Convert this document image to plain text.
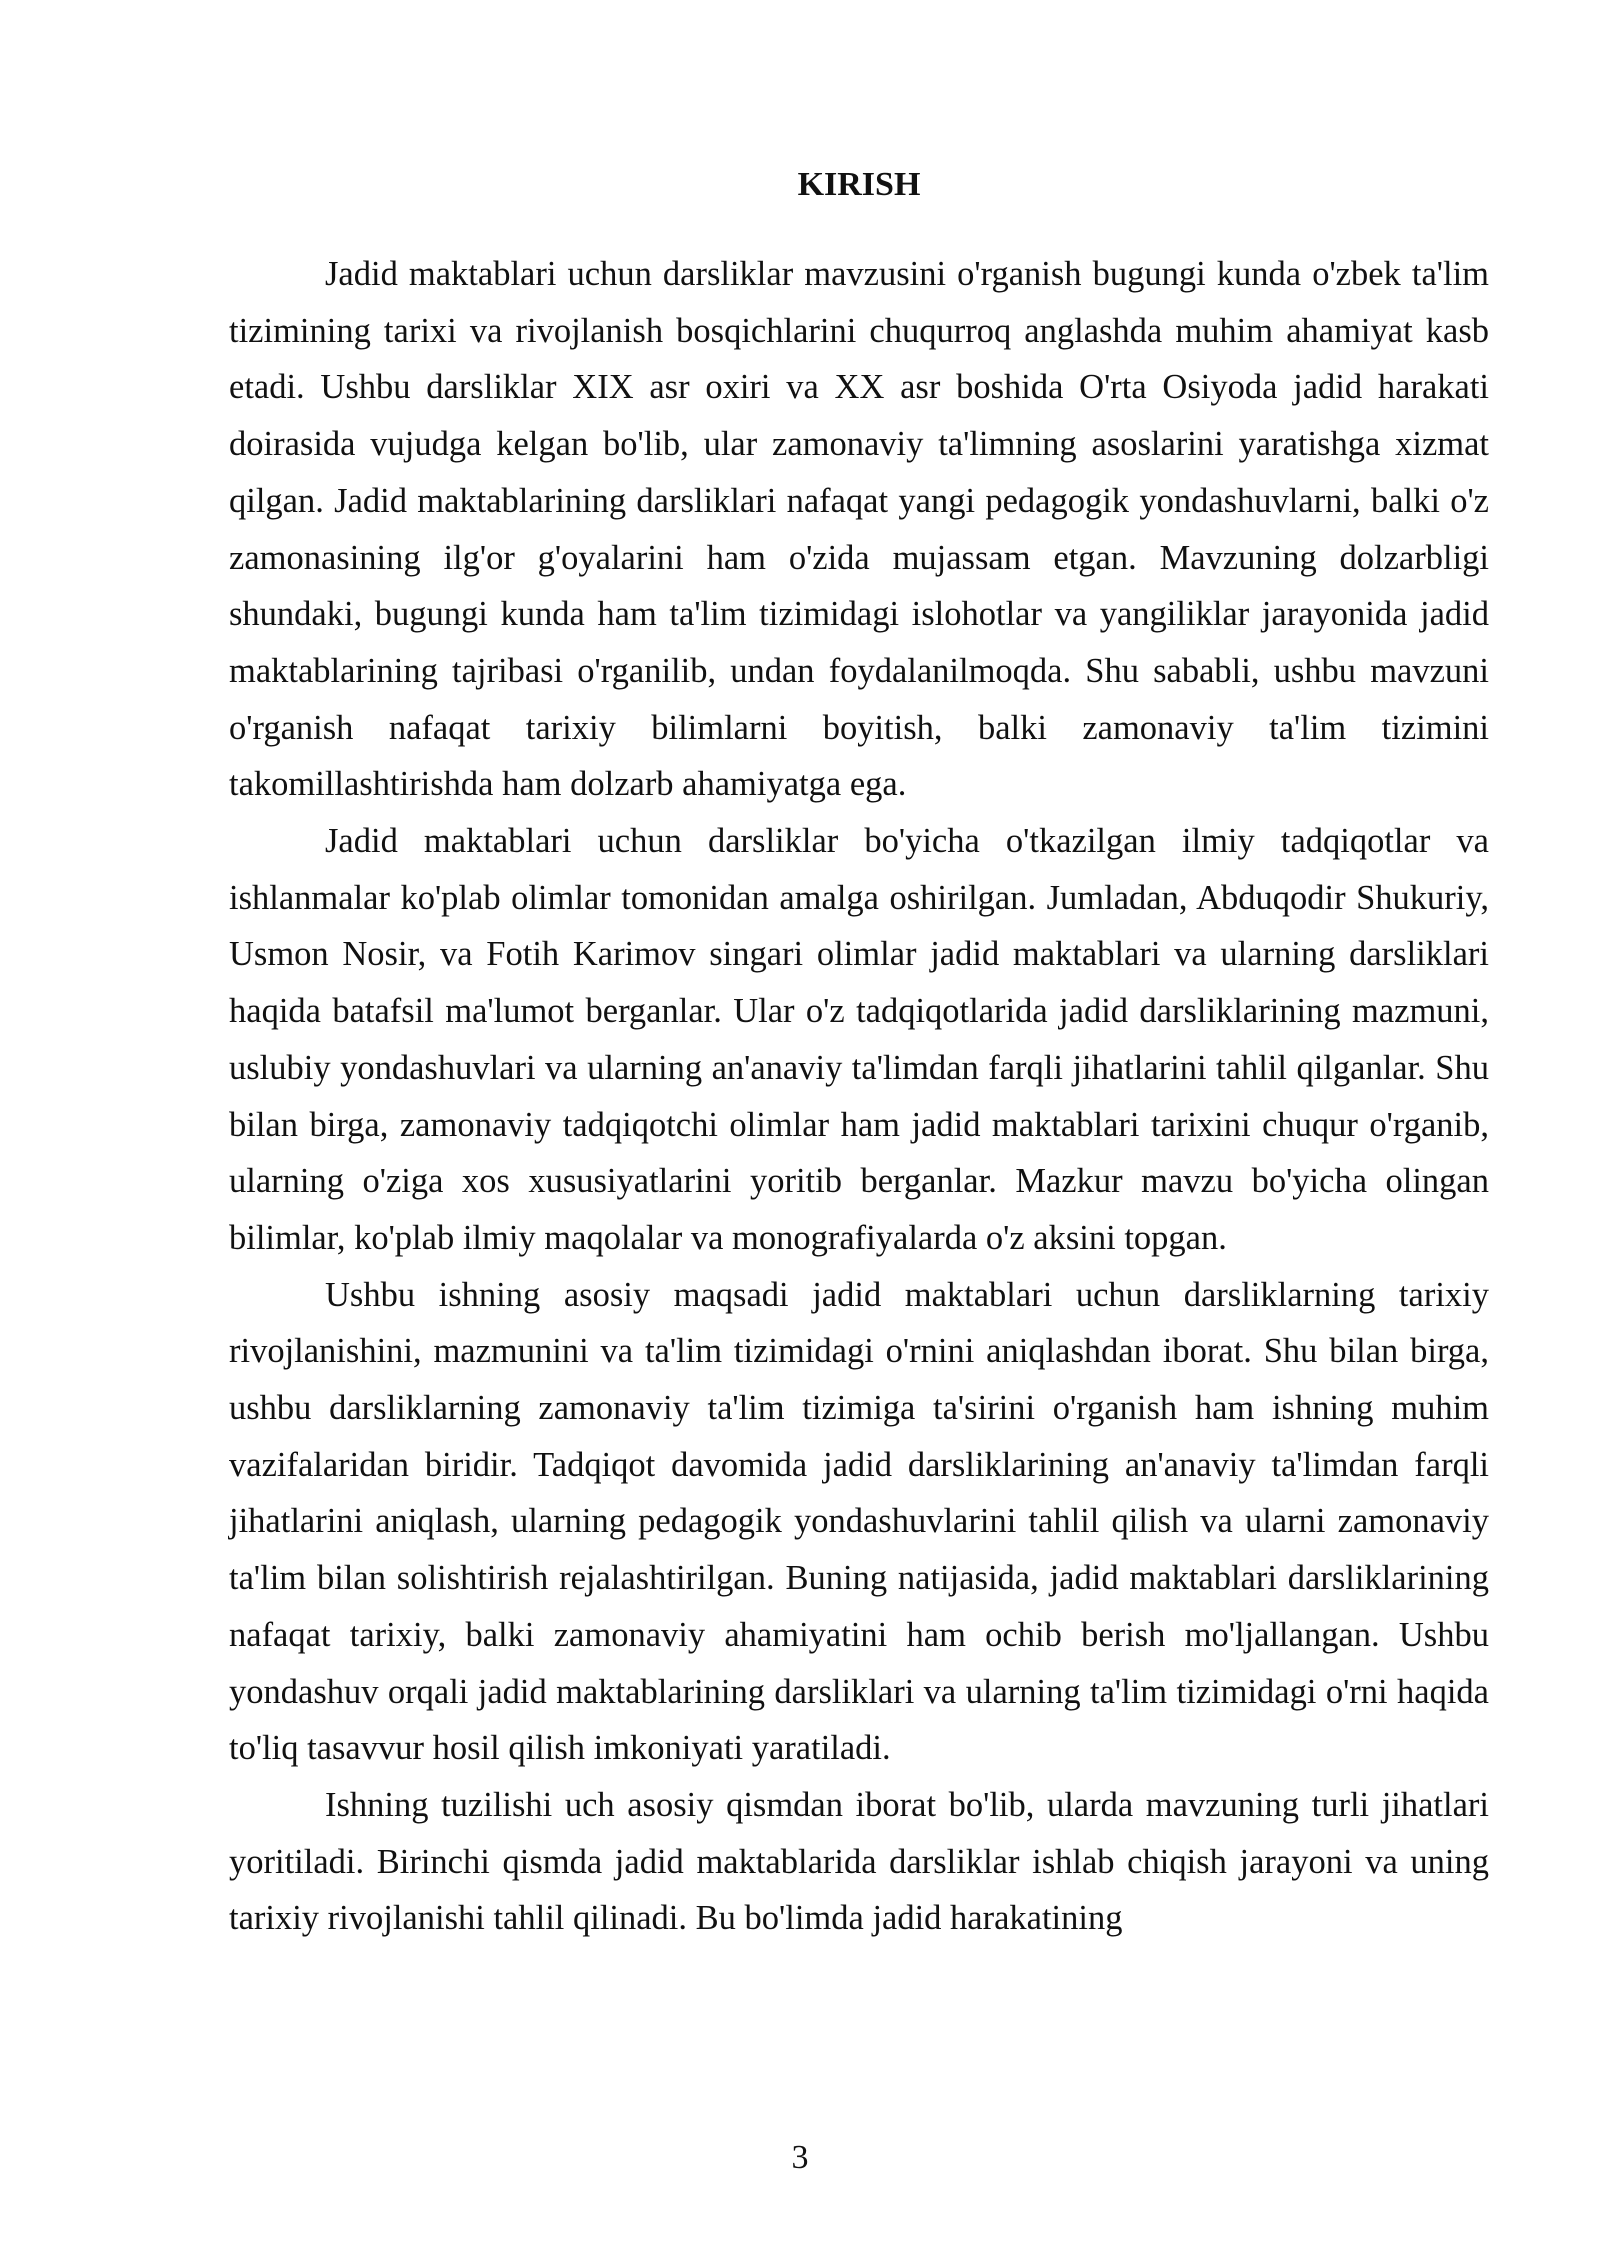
KIRISH

Jadid maktablari uchun darsliklar mavzusini o'rganish bugungi kunda o'zbek ta'lim tizimining tarixi va rivojlanish bosqichlarini chuqurroq anglashda muhim ahamiyat kasb etadi. Ushbu darsliklar XIX asr oxiri va XX asr boshida O'rta Osiyoda jadid harakati doirasida vujudga kelgan bo'lib, ular zamonaviy ta'limning asoslarini yaratishga xizmat qilgan. Jadid maktablarining darsliklari nafaqat yangi pedagogik yondashuvlarni, balki o'z zamonasining ilg'or g'oyalarini ham o'zida mujassam etgan. Mavzuning dolzarbligi shundaki, bugungi kunda ham ta'lim tizimidagi islohotlar va yangiliklar jarayonida jadid maktablarining tajribasi o'rganilib, undan foydalanilmoqda. Shu sababli, ushbu mavzuni o'rganish nafaqat tarixiy bilimlarni boyitish, balki zamonaviy ta'lim tizimini takomillashtirishda ham dolzarb ahamiyatga ega.

Jadid maktablari uchun darsliklar bo'yicha o'tkazilgan ilmiy tadqiqotlar va ishlanmalar ko'plab olimlar tomonidan amalga oshirilgan. Jumladan, Abduqodir Shukuriy, Usmon Nosir, va Fotih Karimov singari olimlar jadid maktablari va ularning darsliklari haqida batafsil ma'lumot berganlar. Ular o'z tadqiqotlarida jadid darsliklarining mazmuni, uslubiy yondashuvlari va ularning an'anaviy ta'limdan farqli jihatlarini tahlil qilganlar. Shu bilan birga, zamonaviy tadqiqotchi olimlar ham jadid maktablari tarixini chuqur o'rganib, ularning o'ziga xos xususiyatlarini yoritib berganlar. Mazkur mavzu bo'yicha olingan bilimlar, ko'plab ilmiy maqolalar va monografiyalarda o'z aksini topgan.

Ushbu ishning asosiy maqsadi jadid maktablari uchun darsliklarning tarixiy rivojlanishini, mazmunini va ta'lim tizimidagi o'rnini aniqlashdan iborat. Shu bilan birga, ushbu darsliklarning zamonaviy ta'lim tizimiga ta'sirini o'rganish ham ishning muhim vazifalaridan biridir. Tadqiqot davomida jadid darsliklarining an'anaviy ta'limdan farqli jihatlarini aniqlash, ularning pedagogik yondashuvlarini tahlil qilish va ularni zamonaviy ta'lim bilan solishtirish rejalashtirilgan. Buning natijasida, jadid maktablari darsliklarining nafaqat tarixiy, balki zamonaviy ahamiyatini ham ochib berish mo'ljallangan. Ushbu yondashuv orqali jadid maktablarining darsliklari va ularning ta'lim tizimidagi o'rni haqida to'liq tasavvur hosil qilish imkoniyati yaratiladi.

Ishning tuzilishi uch asosiy qismdan iborat bo'lib, ularda mavzuning turli jihatlari yoritiladi. Birinchi qismda jadid maktablarida darsliklar ishlab chiqish jarayoni va uning tarixiy rivojlanishi tahlil qilinadi. Bu bo'limda jadid harakatining

3
